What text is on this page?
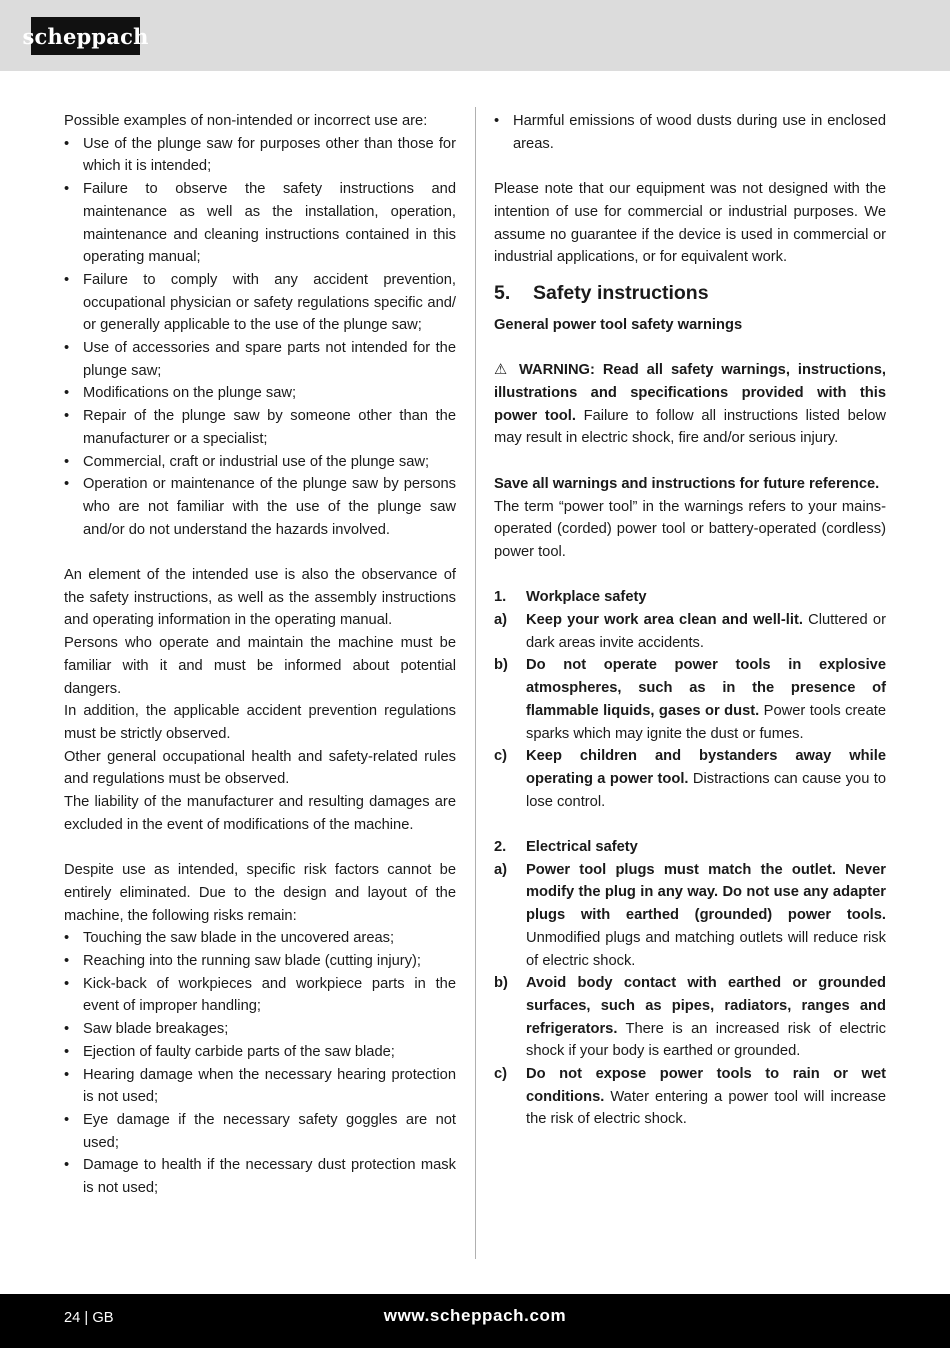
scheppach

Possible examples of non-intended or incorrect use are:

• Use of the plunge saw for purposes other than those for which it is intended;
• Failure to observe the safety instructions and maintenance as well as the installation, operation, maintenance and cleaning instructions contained in this operating manual;
• Failure to comply with any accident prevention, occupational physician or safety regulations specific and/ or generally applicable to the use of the plunge saw;
• Use of accessories and spare parts not intended for the plunge saw;
• Modifications on the plunge saw;
• Repair of the plunge saw by someone other than the manufacturer or a specialist;
• Commercial, craft or industrial use of the plunge saw;
• Operation or maintenance of the plunge saw by persons who are not familiar with the use of the plunge saw and/or do not understand the hazards involved.

An element of the intended use is also the observance of the safety instructions, as well as the assembly instructions and operating information in the operating manual.

Persons who operate and maintain the machine must be familiar with it and must be informed about potential dangers.

In addition, the applicable accident prevention regulations must be strictly observed.

Other general occupational health and safety-related rules and regulations must be observed.

The liability of the manufacturer and resulting damages are excluded in the event of modifications of the machine.

Despite use as intended, specific risk factors cannot be entirely eliminated. Due to the design and layout of the machine, the following risks remain:

• Touching the saw blade in the uncovered areas;
• Reaching into the running saw blade (cutting injury);
• Kick-back of workpieces and workpiece parts in the event of improper handling;
• Saw blade breakages;
• Ejection of faulty carbide parts of the saw blade;
• Hearing damage when the necessary hearing protection is not used;
• Eye damage if the necessary safety goggles are not used;
• Damage to health if the necessary dust protection mask is not used;
• Harmful emissions of wood dusts during use in enclosed areas.

Please note that our equipment was not designed with the intention of use for commercial or industrial purposes. We assume no guarantee if the device is used in commercial or industrial applications, or for equivalent work.

5. Safety instructions

General power tool safety warnings

⚠ WARNING: Read all safety warnings, instructions, illustrations and specifications provided with this power tool. Failure to follow all instructions listed below may result in electric shock, fire and/or serious injury.

Save all warnings and instructions for future reference.

The term “power tool” in the warnings refers to your mains-operated (corded) power tool or battery-operated (cordless) power tool.

1. Workplace safety
a) Keep your work area clean and well-lit. Cluttered or dark areas invite accidents.
b) Do not operate power tools in explosive atmospheres, such as in the presence of flammable liquids, gases or dust. Power tools create sparks which may ignite the dust or fumes.
c) Keep children and bystanders away while operating a power tool. Distractions can cause you to lose control.
2. Electrical safety
a) Power tool plugs must match the outlet. Never modify the plug in any way. Do not use any adapter plugs with earthed (grounded) power tools. Unmodified plugs and matching outlets will reduce risk of electric shock.
b) Avoid body contact with earthed or grounded surfaces, such as pipes, radiators, ranges and refrigerators. There is an increased risk of electric shock if your body is earthed or grounded.
c) Do not expose power tools to rain or wet conditions. Water entering a power tool will increase the risk of electric shock.
24 | GB	www.scheppach.com
